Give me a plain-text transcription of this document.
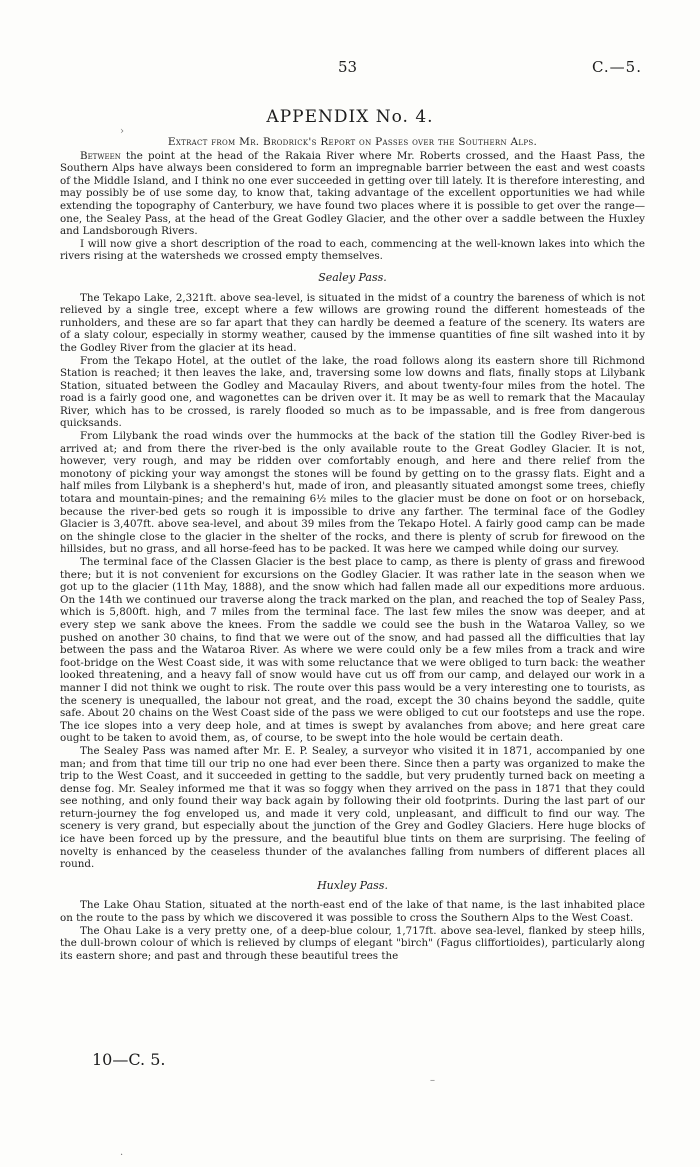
53	C.—5.
›
APPENDIX No. 4.
Extract from Mr. Brodrick's Report on Passes over the Southern Alps.

Between the point at the head of the Rakaia River where Mr. Roberts crossed, and the Haast Pass, the Southern Alps have always been considered to form an impregnable barrier between the east and west coasts of the Middle Island, and I think no one ever succeeded in getting over till lately. It is therefore interesting, and may possibly be of use some day, to know that, taking advantage of the excellent opportunities we had while extending the topography of Canterbury, we have found two places where it is possible to get over the range—one, the Sealey Pass, at the head of the Great Godley Glacier, and the other over a saddle between the Huxley and Landsborough Rivers.

I will now give a short description of the road to each, commencing at the well-known lakes into which the rivers rising at the watersheds we crossed empty themselves.

Sealey Pass.

The Tekapo Lake, 2,321ft. above sea-level, is situated in the midst of a country the bareness of which is not relieved by a single tree, except where a few willows are growing round the different homesteads of the runholders, and these are so far apart that they can hardly be deemed a feature of the scenery. Its waters are of a slaty colour, especially in stormy weather, caused by the immense quantities of fine silt washed into it by the Godley River from the glacier at its head.

From the Tekapo Hotel, at the outlet of the lake, the road follows along its eastern shore till Richmond Station is reached; it then leaves the lake, and, traversing some low downs and flats, finally stops at Lilybank Station, situated between the Godley and Macaulay Rivers, and about twenty-four miles from the hotel. The road is a fairly good one, and wagonettes can be driven over it. It may be as well to remark that the Macaulay River, which has to be crossed, is rarely flooded so much as to be impassable, and is free from dangerous quicksands.

From Lilybank the road winds over the hummocks at the back of the station till the Godley River-bed is arrived at; and from there the river-bed is the only available route to the Great Godley Glacier. It is not, however, very rough, and may be ridden over comfortably enough, and here and there relief from the monotony of picking your way amongst the stones will be found by getting on to the grassy flats. Eight and a half miles from Lilybank is a shepherd's hut, made of iron, and pleasantly situated amongst some trees, chiefly totara and mountain-pines; and the remaining 6½ miles to the glacier must be done on foot or on horseback, because the river-bed gets so rough it is impossible to drive any farther. The terminal face of the Godley Glacier is 3,407ft. above sea-level, and about 39 miles from the Tekapo Hotel. A fairly good camp can be made on the shingle close to the glacier in the shelter of the rocks, and there is plenty of scrub for firewood on the hillsides, but no grass, and all horse-feed has to be packed. It was here we camped while doing our survey.

The terminal face of the Classen Glacier is the best place to camp, as there is plenty of grass and firewood there; but it is not convenient for excursions on the Godley Glacier. It was rather late in the season when we got up to the glacier (11th May, 1888), and the snow which had fallen made all our expeditions more arduous. On the 14th we continued our traverse along the track marked on the plan, and reached the top of Sealey Pass, which is 5,800ft. high, and 7 miles from the terminal face. The last few miles the snow was deeper, and at every step we sank above the knees. From the saddle we could see the bush in the Wataroa Valley, so we pushed on another 30 chains, to find that we were out of the snow, and had passed all the difficulties that lay between the pass and the Wataroa River. As where we were could only be a few miles from a track and wire foot-bridge on the West Coast side, it was with some reluctance that we were obliged to turn back: the weather looked threatening, and a heavy fall of snow would have cut us off from our camp, and delayed our work in a manner I did not think we ought to risk. The route over this pass would be a very interesting one to tourists, as the scenery is unequalled, the labour not great, and the road, except the 30 chains beyond the saddle, quite safe. About 20 chains on the West Coast side of the pass we were obliged to cut our footsteps and use the rope. The ice slopes into a very deep hole, and at times is swept by avalanches from above; and here great care ought to be taken to avoid them, as, of course, to be swept into the hole would be certain death.

The Sealey Pass was named after Mr. E. P. Sealey, a surveyor who visited it in 1871, accompanied by one man; and from that time till our trip no one had ever been there. Since then a party was organized to make the trip to the West Coast, and it succeeded in getting to the saddle, but very prudently turned back on meeting a dense fog. Mr. Sealey informed me that it was so foggy when they arrived on the pass in 1871 that they could see nothing, and only found their way back again by following their old footprints. During the last part of our return-journey the fog enveloped us, and made it very cold, unpleasant, and difficult to find our way. The scenery is very grand, but especially about the junction of the Grey and Godley Glaciers. Here huge blocks of ice have been forced up by the pressure, and the beautiful blue tints on them are surprising. The feeling of novelty is enhanced by the ceaseless thunder of the avalanches falling from numbers of different places all round.

Huxley Pass.

The Lake Ohau Station, situated at the north-east end of the lake of that name, is the last inhabited place on the route to the pass by which we discovered it was possible to cross the Southern Alps to the West Coast.

The Ohau Lake is a very pretty one, of a deep-blue colour, 1,717ft. above sea-level, flanked by steep hills, the dull-brown colour of which is relieved by clumps of elegant "birch" (Fagus cliffortioides), particularly along its eastern shore; and past and through these beautiful trees the

10—C. 5.
–
·
